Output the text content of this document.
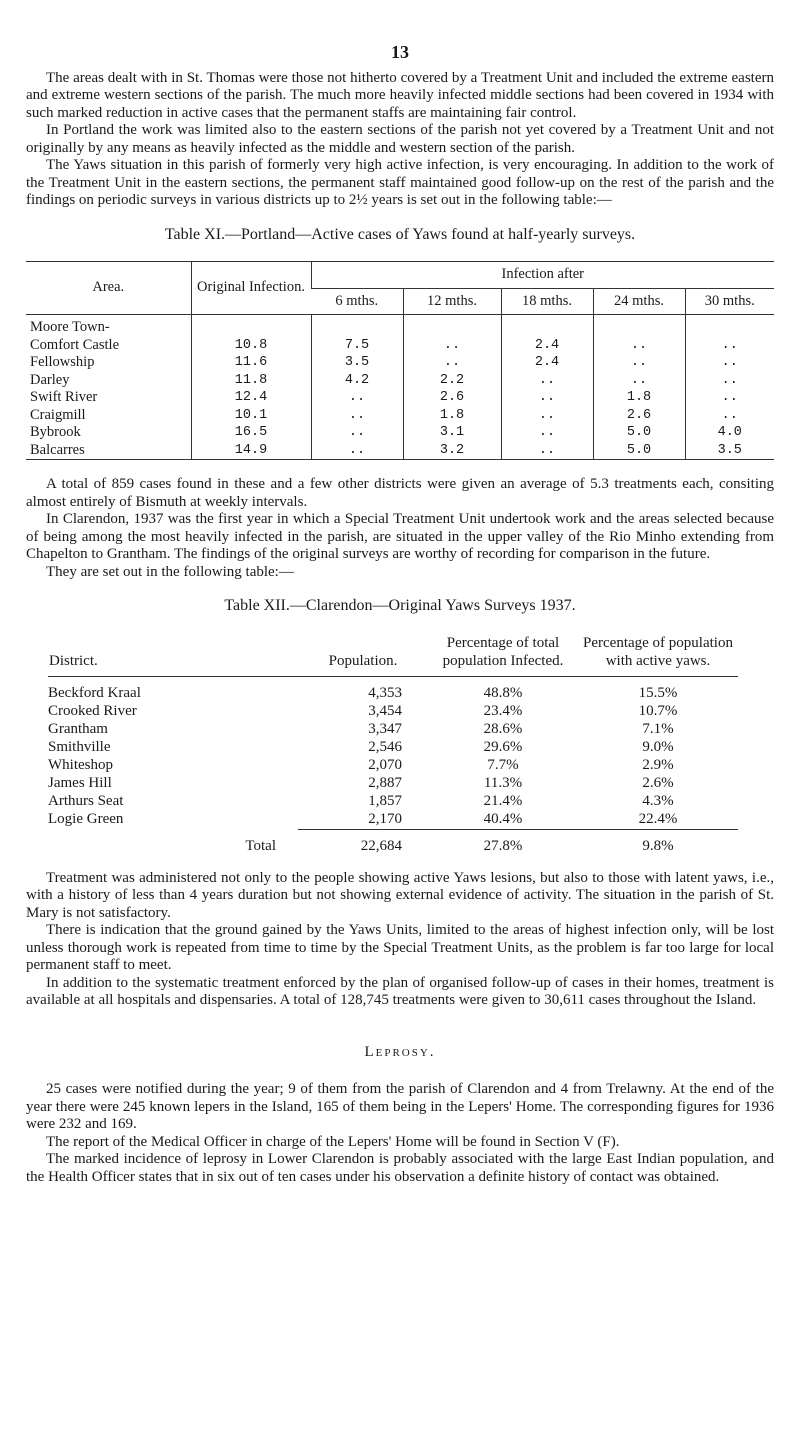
13

The areas dealt with in St. Thomas were those not hitherto covered by a Treatment Unit and included the extreme eastern and extreme western sections of the parish. The much more heavily infected middle sections had been covered in 1934 with such marked reduction in active cases that the permanent staffs are maintaining fair control.

In Portland the work was limited also to the eastern sections of the parish not yet covered by a Treatment Unit and not originally by any means as heavily infected as the middle and western section of the parish.

The Yaws situation in this parish of formerly very high active infection, is very encouraging. In addition to the work of the Treatment Unit in the eastern sections, the permanent staff maintained good follow-up on the rest of the parish and the findings on periodic surveys in various districts up to 2½ years is set out in the following table:—

Table XI.—Portland—Active cases of Yaws found at half-yearly surveys.

Area.	Original Infection.	Infection after				
		6 mths.	12 mths.	18 mths.	24 mths.	30 mths.
Moore Town-						
Comfort Castle	10.8	7.5	..	2.4	..	..
Fellowship	11.6	3.5	..	2.4	..	..
Darley	11.8	4.2	2.2	..	..	..
Swift River	12.4	..	2.6	..	1.8	..
Craigmill	10.1	..	1.8	..	2.6	..
Bybrook	16.5	..	3.1	..	5.0	4.0
Balcarres	14.9	..	3.2	..	5.0	3.5

A total of 859 cases found in these and a few other districts were given an average of 5.3 treatments each, consiting almost entirely of Bismuth at weekly intervals.

In Clarendon, 1937 was the first year in which a Special Treatment Unit undertook work and the areas selected because of being among the most heavily infected in the parish, are situated in the upper valley of the Rio Minho extending from Chapelton to Grantham. The findings of the original surveys are worthy of recording for comparison in the future.

They are set out in the following table:—

Table XII.—Clarendon—Original Yaws Surveys 1937.

District.	Population.	Percentage of total population Infected.	Percentage of population with active yaws.

Beckford Kraal	4,353	48.8%	15.5%
Crooked River	3,454	23.4%	10.7%
Grantham	3,347	28.6%	7.1%
Smithville	2,546	29.6%	9.0%
Whiteshop	2,070	7.7%	2.9%
James Hill	2,887	11.3%	2.6%
Arthurs Seat	1,857	21.4%	4.3%
Logie Green	2,170	40.4%	22.4%
Total	22,684	27.8%	9.8%

Treatment was administered not only to the people showing active Yaws lesions, but also to those with latent yaws, i.e., with a history of less than 4 years duration but not showing external evidence of activity. The situation in the parish of St. Mary is not satisfactory.

There is indication that the ground gained by the Yaws Units, limited to the areas of highest infection only, will be lost unless thorough work is repeated from time to time by the Special Treatment Units, as the problem is far too large for local permanent staff to meet.

In addition to the systematic treatment enforced by the plan of organised follow-up of cases in their homes, treatment is available at all hospitals and dispensaries. A total of 128,745 treatments were given to 30,611 cases throughout the Island.

Leprosy.

25 cases were notified during the year; 9 of them from the parish of Clarendon and 4 from Trelawny. At the end of the year there were 245 known lepers in the Island, 165 of them being in the Lepers' Home. The corresponding figures for 1936 were 232 and 169.

The report of the Medical Officer in charge of the Lepers' Home will be found in Section V (F).

The marked incidence of leprosy in Lower Clarendon is probably associated with the large East Indian population, and the Health Officer states that in six out of ten cases under his observation a definite history of contact was obtained.
